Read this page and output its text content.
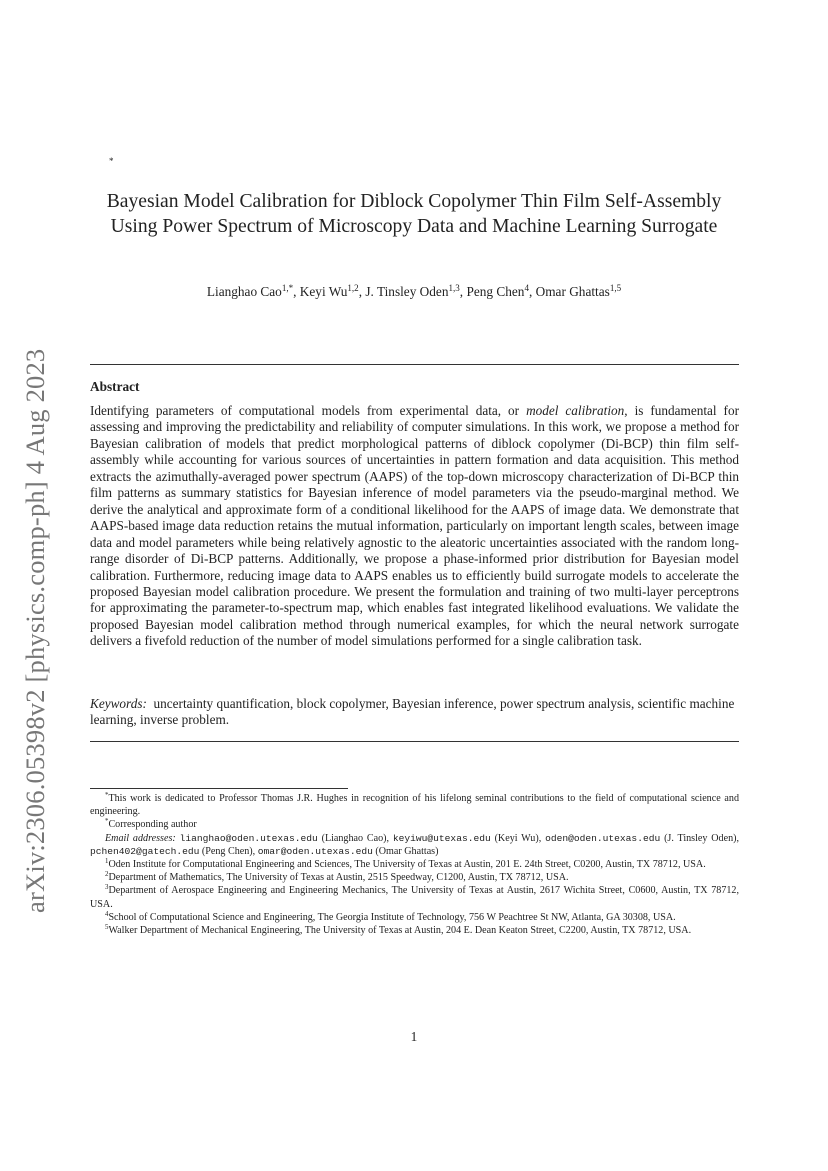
arXiv:2306.05398v2 [physics.comp-ph] 4 Aug 2023
*
Bayesian Model Calibration for Diblock Copolymer Thin Film Self-Assembly Using Power Spectrum of Microscopy Data and Machine Learning Surrogate
Lianghao Cao$^{1,*}$, Keyi Wu$^{1,2}$, J. Tinsley Oden$^{1,3}$, Peng Chen$^4$, Omar Ghattas$^{1,5}$
Abstract
Identifying parameters of computational models from experimental data, or model calibration, is fundamental for assessing and improving the predictability and reliability of computer simulations. In this work, we propose a method for Bayesian calibration of models that predict morphological patterns of diblock copolymer (Di-BCP) thin film self-assembly while accounting for various sources of uncertainties in pattern formation and data acquisition. This method extracts the azimuthally-averaged power spectrum (AAPS) of the top-down microscopy characterization of Di-BCP thin film patterns as summary statistics for Bayesian inference of model parameters via the pseudo-marginal method. We derive the analytical and approximate form of a conditional likelihood for the AAPS of image data. We demonstrate that AAPS-based image data reduction retains the mutual information, particularly on important length scales, between image data and model parameters while being relatively agnostic to the aleatoric uncertainties associated with the random long-range disorder of Di-BCP patterns. Additionally, we propose a phase-informed prior distribution for Bayesian model calibration. Furthermore, reducing image data to AAPS enables us to efficiently build surrogate models to accelerate the proposed Bayesian model calibration procedure. We present the formulation and training of two multi-layer perceptrons for approximating the parameter-to-spectrum map, which enables fast integrated likelihood evaluations. We validate the proposed Bayesian model calibration method through numerical examples, for which the neural network surrogate delivers a fivefold reduction of the number of model simulations performed for a single calibration task.
Keywords: uncertainty quantification, block copolymer, Bayesian inference, power spectrum analysis, scientific machine learning, inverse problem.

*This work is dedicated to Professor Thomas J.R. Hughes in recognition of his lifelong seminal contributions to the field of computational science and engineering.

*Corresponding author

Email addresses: lianghao@oden.utexas.edu (Lianghao Cao), keyiwu@utexas.edu (Keyi Wu), oden@oden.utexas.edu (J. Tinsley Oden), pchen402@gatech.edu (Peng Chen), omar@oden.utexas.edu (Omar Ghattas)

$^1$Oden Institute for Computational Engineering and Sciences, The University of Texas at Austin, 201 E. 24th Street, C0200, Austin, TX 78712, USA.

$^2$Department of Mathematics, The University of Texas at Austin, 2515 Speedway, C1200, Austin, TX 78712, USA.

$^3$Department of Aerospace Engineering and Engineering Mechanics, The University of Texas at Austin, 2617 Wichita Street, C0600, Austin, TX 78712, USA.

$^4$School of Computational Science and Engineering, The Georgia Institute of Technology, 756 W Peachtree St NW, Atlanta, GA 30308, USA.

$^5$Walker Department of Mechanical Engineering, The University of Texas at Austin, 204 E. Dean Keaton Street, C2200, Austin, TX 78712, USA.

1
